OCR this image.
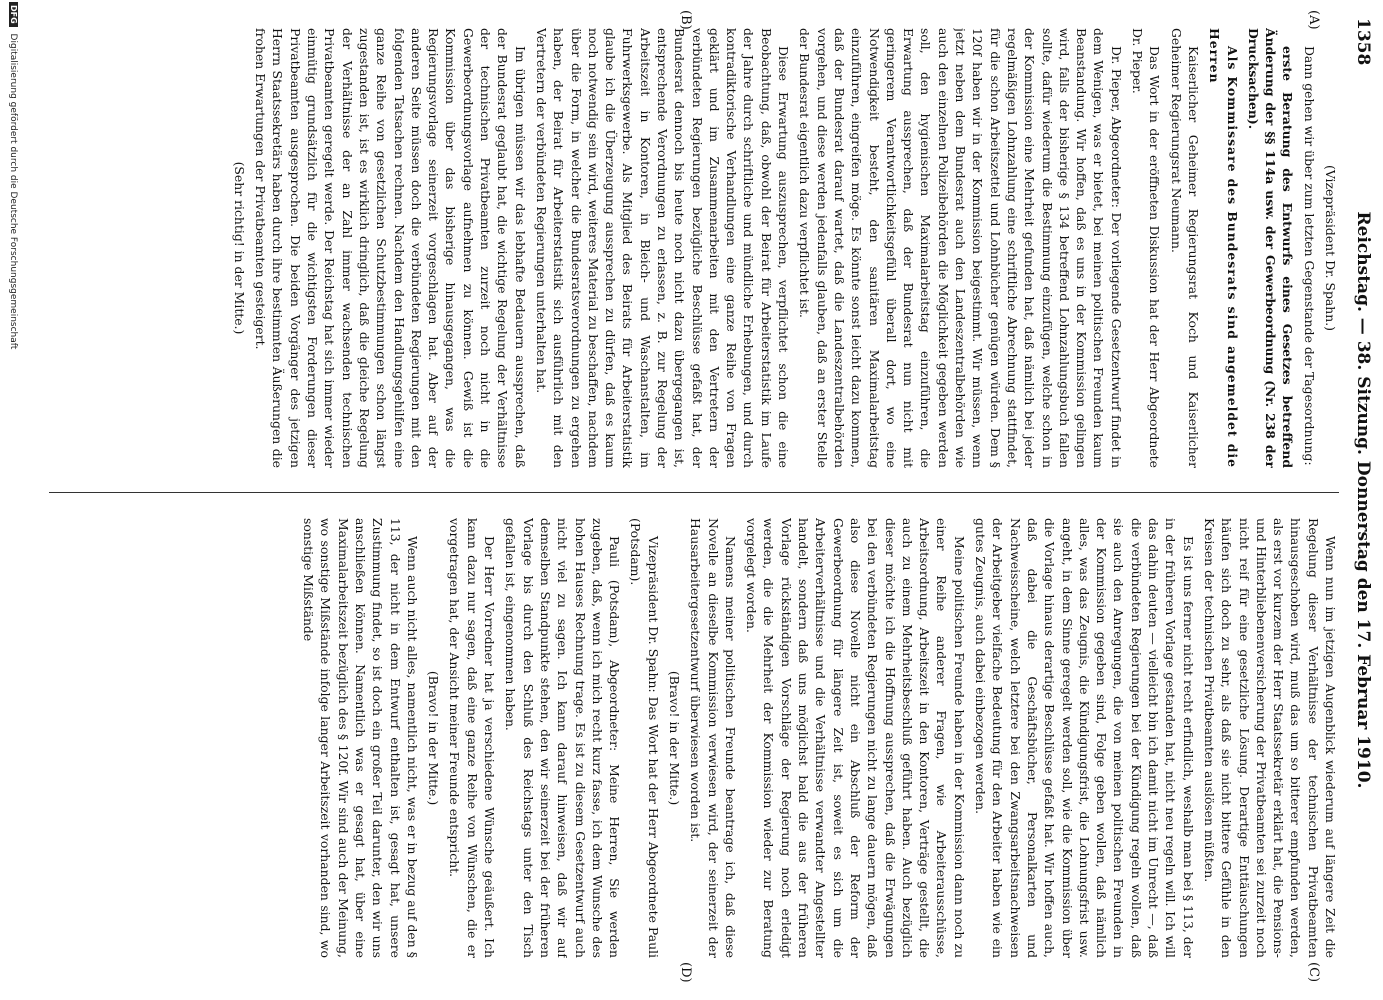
1358
Reichstag. — 38. Sitzung. Donnerstag den 17. Februar 1910.
(A)
(B)
(C)
(D)

(Vizepräsident Dr. Spahn.)

Dann gehen wir über zum letzten Gegenstande der Tagesordnung:

erste Beratung des Entwurfs eines Gesetzes betreffend Änderung der §§ 114a usw. der Gewerbeordnung (Nr. 238 der Drucksachen).

Als Kommissare des Bundesrats sind angemeldet die Herren

Kaiserlicher Geheimer Regierungsrat Koch und Kaiserlicher Geheimer Regierungsrat Neumann.

Das Wort in der eröffneten Diskussion hat der Herr Abgeordnete Dr. Pieper.

Dr. Pieper, Abgeordneter: Der vorliegende Gesetzentwurf findet in dem Wenigen, was er bietet, bei meinen politischen Freunden kaum Beanstandung. Wir hoffen, daß es uns in der Kommission gelingen wird, falls der bisherige § 134 betreffend Lohnzahlungsbuch fallen sollte, dafür wiederum die Bestimmung einzufügen, welche schon in der Kommission eine Mehrheit gefunden hat, daß nämlich bei jeder regelmäßigen Lohnzahlung eine schriftliche Abrechnung stattfindet, für die schon Arbeitszettel und Lohnbücher genügen würden. Dem § 120f haben wir in der Kommission beigestimmt. Wir müssen, wenn jetzt neben dem Bundesrat auch den Landeszentralbehörden wie auch den einzelnen Polizeibehörden die Möglichkeit gegeben werden soll, den hygienischen Maximalarbeitstag einzuführen, die Erwartung aussprechen, daß der Bundesrat nun nicht mit geringerem Verantwortlichkeitsgefühl überall dort, wo eine Notwendigkeit besteht, den sanitären Maximalarbeitstag einzuführen, eingreifen möge. Es könnte sonst leicht dazu kommen, daß der Bundesrat darauf wartet, daß die Landeszentralbehörden vorgehen, und diese werden jedenfalls glauben, daß an erster Stelle der Bundesrat eigentlich dazu verpflichtet ist.

Diese Erwartung auszusprechen, verpflichtet schon die eine Beobachtung, daß, obwohl der Beirat für Arbeiterstatistik im Laufe der Jahre durch schriftliche und mündliche Erhebungen, und durch kontradiktorische Verhandlungen eine ganze Reihe von Fragen geklärt und im Zusammenarbeiten mit den Vertretern der verbündeten Regierungen bezügliche Beschlüsse gefaßt hat, der Bundesrat dennoch bis heute noch nicht dazu übergegangen ist, entsprechende Verordnungen zu erlassen, z. B. zur Regelung der Arbeitszeit in Kontoren, in Bleich- und Waschanstalten, im Fuhrwerksgewerbe. Als Mitglied des Beirats für Arbeiterstatistik glaube ich die Überzeugung aussprechen zu dürfen, daß es kaum noch notwendig sein wird, weiteres Material zu beschaffen, nachdem über die Form, in welcher die Bundesratsverordnungen zu ergehen haben, der Beirat für Arbeiterstatistik sich ausführlich mit den Vertretern der verbündeten Regierungen unterhalten hat.

Im übrigen müssen wir das lebhafte Bedauern aussprechen, daß der Bundesrat geglaubt hat, die wichtige Regelung der Verhältnisse der technischen Privatbeamten zurzeit noch nicht in die Gewerbeordnungsvorlage aufnehmen zu können. Gewiß ist die Kommission über das bisherige hinausgegangen, was die Regierungsvorlage seinerzeit vorgeschlagen hat. Aber auf der anderen Seite müssen doch die verbündeten Regierungen mit den folgenden Tatsachen rechnen. Nachdem den Handlungsgehilfen eine ganze Reihe von gesetzlichen Schutzbestimmungen schon längst zugestanden ist, ist es wirklich dringlich, daß die gleiche Regelung der Verhältnisse der an Zahl immer wachsenden technischen Privatbeamten geregelt werde. Der Reichstag hat sich immer wieder einmütig grundsätzlich für die wichtigsten Forderungen dieser Privatbeamten ausgesprochen. Die beiden Vorgänger des jetzigen Herrn Staatssekretärs haben durch ihre bestimmten Äußerungen die frohen Erwartungen der Privatbeamten gesteigert.

(Sehr richtig! in der Mitte.)

Wenn nun im jetzigen Augenblick wiederum auf längere Zeit die Regelung dieser Verhältnisse der technischen Privatbeamten hinausgeschoben wird, muß das um so bitterer empfunden werden, als erst vor kurzem der Herr Staatssekretär erklärt hat, die Pensions- und Hinterbliebenenversicherung der Privatbeamten sei zurzeit noch nicht reif für eine gesetzliche Lösung. Derartige Enttäuschungen häufen sich doch zu sehr, als daß sie nicht bittere Gefühle in den Kreisen der technischen Privatbeamten auslösen müßten.

Es ist uns ferner nicht recht erfindlich, weshalb man bei § 113, der in der früheren Vorlage gestanden hat, nicht neu regeln will. Ich will das dahin deuten — vielleicht bin ich damit nicht im Unrecht —, daß die verbündeten Regierungen bei der Kündigung regeln wollen, daß sie auch den Anregungen, die von meinen politischen Freunden in der Kommission gegeben sind, Folge geben wollen, daß nämlich alles, was das Zeugnis, die Kündigungsfrist, die Lohnungsfrist usw. angeht, in dem Sinne geregelt werden soll, wie die Kommission über die Vorlage hinaus derartige Beschlüsse gefaßt hat. Wir hoffen auch, daß dabei die Geschäftsbücher, Personalkarten und Nachweisscheine, welch letztere bei den Zwangsarbeitsnachweisen der Arbeitgeber vielfache Bedeutung für den Arbeiter haben wie ein gutes Zeugnis, auch dabei einbezogen werden.

Meine politischen Freunde haben in der Kommission dann noch zu einer Reihe anderer Fragen, wie Arbeiterausschüsse, Arbeitsordnung, Arbeitszeit in den Kontoren, Verträge gestellt, die auch zu einem Mehrheitsbeschluß geführt haben. Auch bezüglich dieser möchte ich die Hoffnung aussprechen, daß die Erwägungen bei den verbündeten Regierungen nicht zu lange dauern mögen, daß also diese Novelle nicht ein Abschluß der Reform der Gewerbeordnung für längere Zeit ist, soweit es sich um die Arbeiterverhältnisse und die Verhältnisse verwandter Angestellter handelt, sondern daß uns möglichst bald die aus der früheren Vorlage rückständigen Vorschläge der Regierung noch erledigt werden, die die Mehrheit der Kommission wieder zur Beratung vorgelegt worden.

Namens meiner politischen Freunde beantrage ich, daß diese Novelle an dieselbe Kommission verwiesen wird, der seinerzeit der Hausarbeitergesetzentwurf überwiesen worden ist.

(Bravo! in der Mitte.)

Vizepräsident Dr. Spahn: Das Wort hat der Herr Abgeordnete Pauli (Potsdam).

Pauli (Potsdam), Abgeordneter: Meine Herren, Sie werden zugeben, daß, wenn ich mich recht kurz fasse, ich dem Wunsche des hohen Hauses Rechnung trage. Es ist zu diesem Gesetzentwurf auch nicht viel zu sagen. Ich kann darauf hinweisen, daß wir auf demselben Standpunkte stehen, den wir seinerzeit bei der früheren Vorlage bis durch den Schluß des Reichstags unter den Tisch gefallen ist, eingenommen haben.

Der Herr Vorredner hat ja verschiedene Wünsche geäußert. Ich kann dazu nur sagen, daß eine ganze Reihe von Wünschen, die er vorgetragen hat, der Ansicht meiner Freunde entspricht.

(Bravo! in der Mitte.)

Wenn auch nicht alles, namentlich nicht, was er in bezug auf den § 113, der nicht in dem Entwurf enthalten ist, gesagt hat, unsere Zustimmung findet, so ist doch ein großer Teil darunter, den wir uns anschließen können. Namentlich was er gesagt hat, über eine Maximalarbeitszeit bezüglich des § 120f. Wir sind auch der Meinung, wo sonstige Mißstände infolge langer Arbeitszeit vorhanden sind, wo sonstige Mißstände

DFG Digitalisierung gefördert durch die Deutsche Forschungsgemeinschaft
